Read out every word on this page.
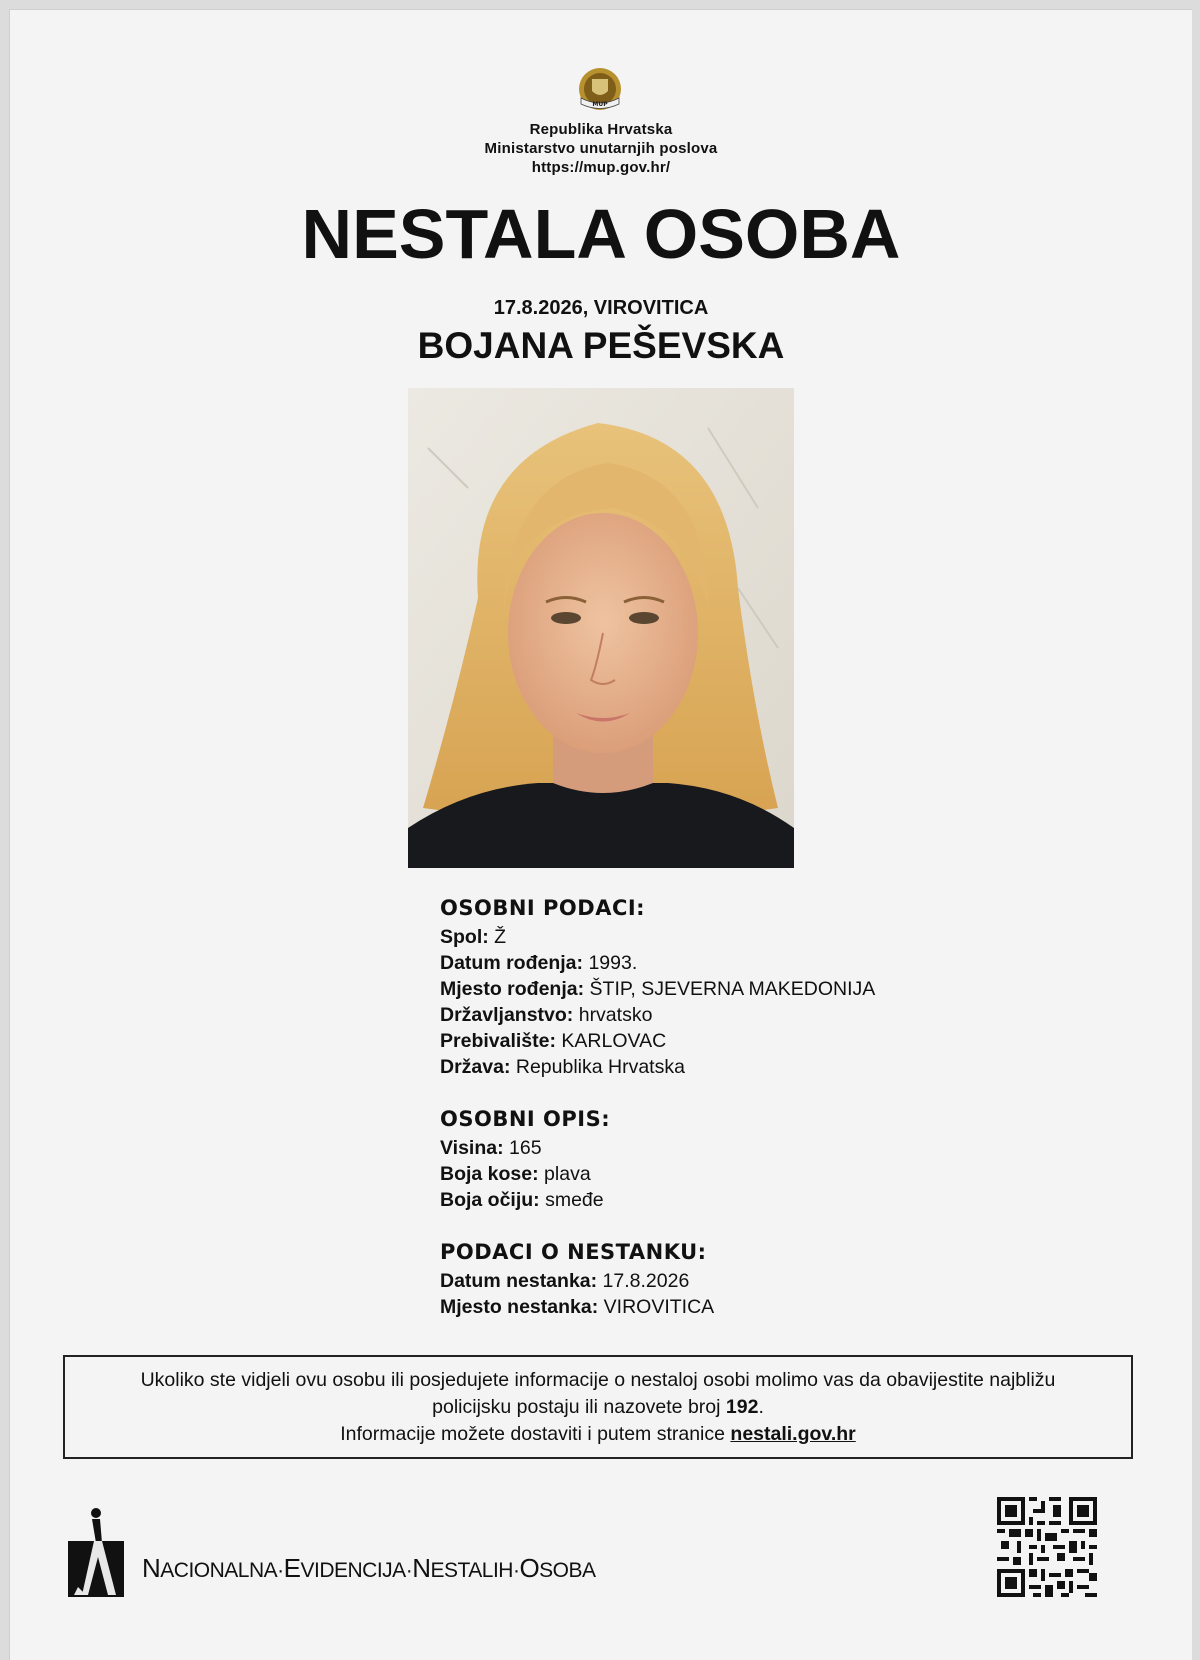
MUP
Republika Hrvatska
Ministarstvo unutarnjih poslova
https://mup.gov.hr/
NESTALA OSOBA
17.8.2026, VIROVITICA
BOJANA PEŠEVSKA
OSOBNI PODACI:
Spol: Ž
Datum rođenja: 1993.
Mjesto rođenja: ŠTIP, SJEVERNA MAKEDONIJA
Državljanstvo: hrvatsko
Prebivalište: KARLOVAC
Država: Republika Hrvatska
OSOBNI OPIS:
Visina: 165
Boja kose: plava
Boja očiju: smeđe
PODACI O NESTANKU:
Datum nestanka: 17.8.2026
Mjesto nestanka: VIROVITICA
Ukoliko ste vidjeli ovu osobu ili posjedujete informacije o nestaloj osobi molimo vas da obavijestite najbližu
policijsku postaju ili nazovete broj 192.
Informacije možete dostaviti i putem stranice nestali.gov.hr
NACIONALNA·EVIDENCIJA·NESTALIH·OSOBA
